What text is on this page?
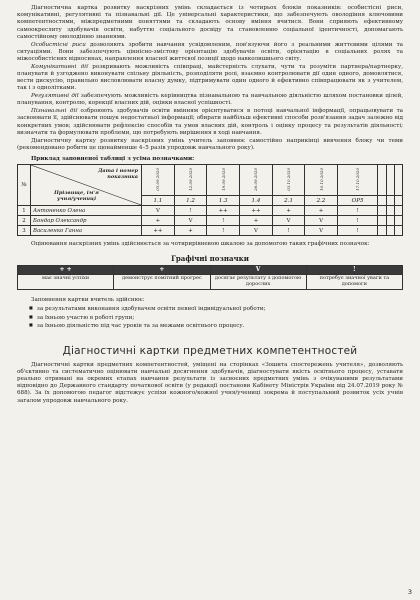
Діагностична картка розвитку наскрізних умінь складається із чотирьох блоків показників: особистісні риси, комунікативні, регулятивні та пізнавальні дії. Це універсальні характеристики, що забезпечують оволодіння ключовими компетентностями, міжпредметними поняттями та складають основу вміння вчитися. Вони сприяють ефективному самоокреслиту здобувачів освіти, набуттю соціального досвіду та становленню соціальної ідентичності, допомагають самостійному оволодінню знаннями.

Особистісні риси дозволяють зробити навчання усвідомленим, пов'язуючи його з реальними життєвими цілями та ситуаціями. Вони забезпечують ціннісно-змістову орієнтацію здобувачів освіти, орієнтацію в соціальних ролях та міжособистісних відносинах, направлення власної життєвої позиції щодо навколишнього світу.

Комунікативні дії розкривають можливість співпраці, майстерність слухати, чути та розуміти партнера/партнерку, планувати й узгоджено виконувати спільну діяльність, розподіляти ролі, взаємно контролювати дії один одного, домовлятися, вести дискусію, правильно висловлювати власну думку, підтримувати один одного й ефективно співпрацювати як з учителем, так і з однолітками.

Регулятивні дії забезпечують можливість керівництва пізнавальною та навчальною діяльністю шляхом постановки цілей, планування, контролю, корекції власних дій, оцінки власної успішності.

Пізнавальні дії озброюють здобувачів освіти вмінням орієнтуватися в потоці навчальної інформації, опрацьовувати та засвоювати її, здійснювати пошук недостатньої інформації; обирати найбільш ефективні способи розв'язання задач залежно від конкретних умов; здійснювати рефлексію способів та умов власних дій, контроль і оцінку процесу та результатів діяльності; визначати та формулювати проблеми, що потребують вирішення в ході навчання.

Діагностичну картку розвитку наскрізних умінь учитель заповнює самостійно наприкінці вивчення блоку чи теми (рекомендовано робити це щонайменше 4–5 разів упродовж навчального року).

Приклад заповненої таблиці з усіма позначками:
№	Дата і номер показника
Прізвище, ім'я учня/учениці	05.09.2020	12.09.2020	19.09.2020	26.09.2020	03.10.2020	10.10.2020	17.10.2020			
		1.1	1.2	1.3	1.4	2.1	2.2	ОР5			
1	Антоненко Олена	V	!	++	++	+	+	!			
2	Бондар Олександр	+	V	!	+	V	V	!			
3	Василенко Ганна	++	+	!	V	!	V	!			

Оцінювання наскрізних умінь здійснюється за чотирирівневою шкалою за допомогою таких графічних позначок:

Графічні позначки
+ +	+	V	!
має значні успіхи	демонструє помітний прогрес	досягає результату з допомогою дорослих	потребує значної уваги та допомоги

Заповнення картки вчитель здійснює:

■ за результатами виконання здобувачем освіти певної індивідуальної роботи;
■ за їхньою участю в роботі групи;
■ за їхньою діяльністю під час уроків та за межами освітнього процесу.
Діагностичні картки предметних компетентностей

Діагностичні картки предметних компетентностей, уміщені на сторінках «Зошита спостережень учителя», дозволяють об'єктивно та систематично оцінювати навчальні досягнення здобувачів, діагностувати якість освітнього процесу, уставати реально отримані на окремих етапах навчання результати із засвоєних предметних умінь з очікуваними результатами відповідно до Державного стандарту початкової освіти (у редакції постанови Кабінету Міністрів України від 24.07.2019 року № 688). За їх допомогою педагог відстежує успіхи кожного/кожної учня/учениці зокрема й поступальний розвиток усіх учнів загалом упродовж навчального року.

3
